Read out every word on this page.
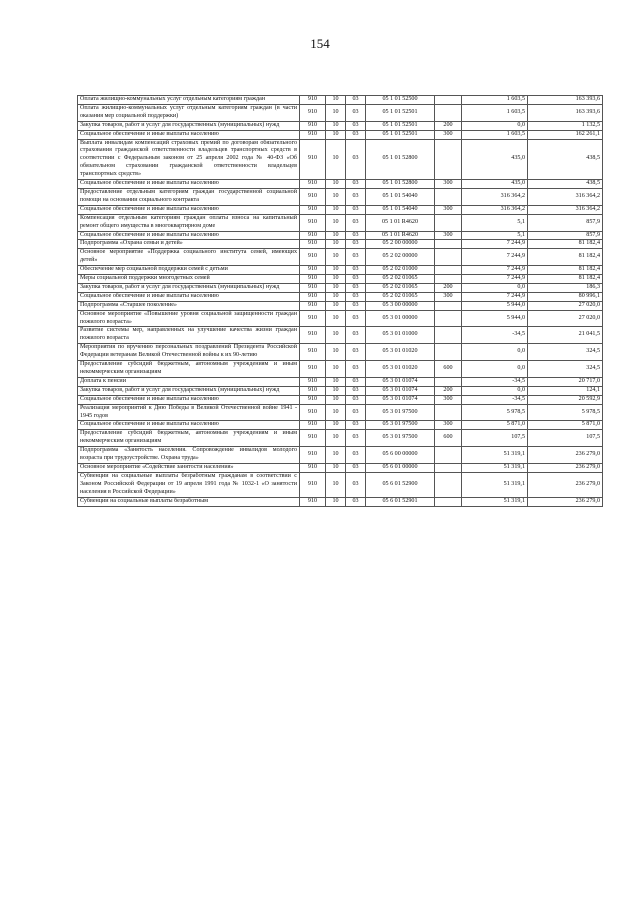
154
Оплата жилищно-коммунальных услуг отдельным категориям граждан	910	10	03	05 1 01 52500		1 603,5	163 393,6
Оплата жилищно-коммунальных услуг отдельным категориям граждан (в части оказания мер социальной поддержки)	910	10	03	05 1 01 52501		1 603,5	163 393,6
Закупка товаров, работ и услуг для государственных (муниципальных) нужд	910	10	03	05 1 01 52501	200	0,0	1 132,5
Социальное обеспечение и иные выплаты населению	910	10	03	05 1 01 52501	300	1 603,5	162 261,1
Выплата инвалидам компенсаций страховых премий по договорам обязательного страхования гражданской ответственности владельцев транспортных средств в соответствии с Федеральным законом от 25 апреля 2002 года № 40-ФЗ «Об обязательном страховании гражданской ответственности владельцев транспортных средств»	910	10	03	05 1 01 52800		435,0	438,5
Социальное обеспечение и иные выплаты населению	910	10	03	05 1 01 52800	300	435,0	438,5
Предоставление отдельным категориям граждан государственной социальной помощи на основании социального контракта	910	10	03	05 1 01 54040		316 364,2	316 364,2
Социальное обеспечение и иные выплаты населению	910	10	03	05 1 01 54040	300	316 364,2	316 364,2
Компенсация отдельным категориям граждан оплаты взноса на капитальный ремонт общего имущества в многоквартирном доме	910	10	03	05 1 01 R4620		5,1	857,9
Социальное обеспечение и иные выплаты населению	910	10	03	05 1 01 R4620	300	5,1	857,9
Подпрограмма «Охрана семьи и детей»	910	10	03	05 2 00 00000		7 244,9	81 182,4
Основное мероприятие «Поддержка социального института семей, имеющих детей»	910	10	03	05 2 02 00000		7 244,9	81 182,4
Обеспечение мер социальной поддержки семей с детьми	910	10	03	05 2 02 01000		7 244,9	81 182,4
Меры социальной поддержки многодетных семей	910	10	03	05 2 02 01065		7 244,9	81 182,4
Закупка товаров, работ и услуг для государственных (муниципальных) нужд	910	10	03	05 2 02 01065	200	0,0	186,3
Социальное обеспечение и иные выплаты населению	910	10	03	05 2 02 01065	300	7 244,9	80 996,1
Подпрограмма «Старшее поколение»	910	10	03	05 3 00 00000		5 944,0	27 020,0
Основное мероприятие «Повышение уровня социальной защищенности граждан пожилого возраста»	910	10	03	05 3 01 00000		5 944,0	27 020,0
Развитие системы мер, направленных на улучшение качества жизни граждан пожилого возраста	910	10	03	05 3 01 01000		-34,5	21 041,5
Мероприятия по вручению персональных поздравлений Президента Российской Федерации ветеранам Великой Отечественной войны к их 90-летию	910	10	03	05 3 01 01020		0,0	324,5
Предоставление субсидий бюджетным, автономным учреждениям и иным некоммерческим организациям	910	10	03	05 3 01 01020	600	0,0	324,5
Доплата к пенсии	910	10	03	05 3 01 01074		-34,5	20 717,0
Закупка товаров, работ и услуг для государственных (муниципальных) нужд	910	10	03	05 3 01 01074	200	0,0	124,1
Социальное обеспечение и иные выплаты населению	910	10	03	05 3 01 01074	300	-34,5	20 592,9
Реализация мероприятий к Дню Победы в Великой Отечественной войне 1941 - 1945 годов	910	10	03	05 3 01 97500		5 978,5	5 978,5
Социальное обеспечение и иные выплаты населению	910	10	03	05 3 01 97500	300	5 871,0	5 871,0
Предоставление субсидий бюджетным, автономным учреждениям и иным некоммерческим организациям	910	10	03	05 3 01 97500	600	107,5	107,5
Подпрограмма «Занятость населения. Сопровождение инвалидов молодого возраста при трудоустройстве. Охрана труда»	910	10	03	05 6 00 00000		51 319,1	236 279,0
Основное мероприятие «Содействие занятости населения»	910	10	03	05 6 01 00000		51 319,1	236 279,0
Субвенции на социальные выплаты безработным гражданам в соответствии с Законом Российской Федерации от 19 апреля 1991 года № 1032-1 «О занятости населения в Российской Федерации»	910	10	03	05 6 01 52900		51 319,1	236 279,0
Субвенции на социальные выплаты безработным	910	10	03	05 6 01 52901		51 319,1	236 279,0
